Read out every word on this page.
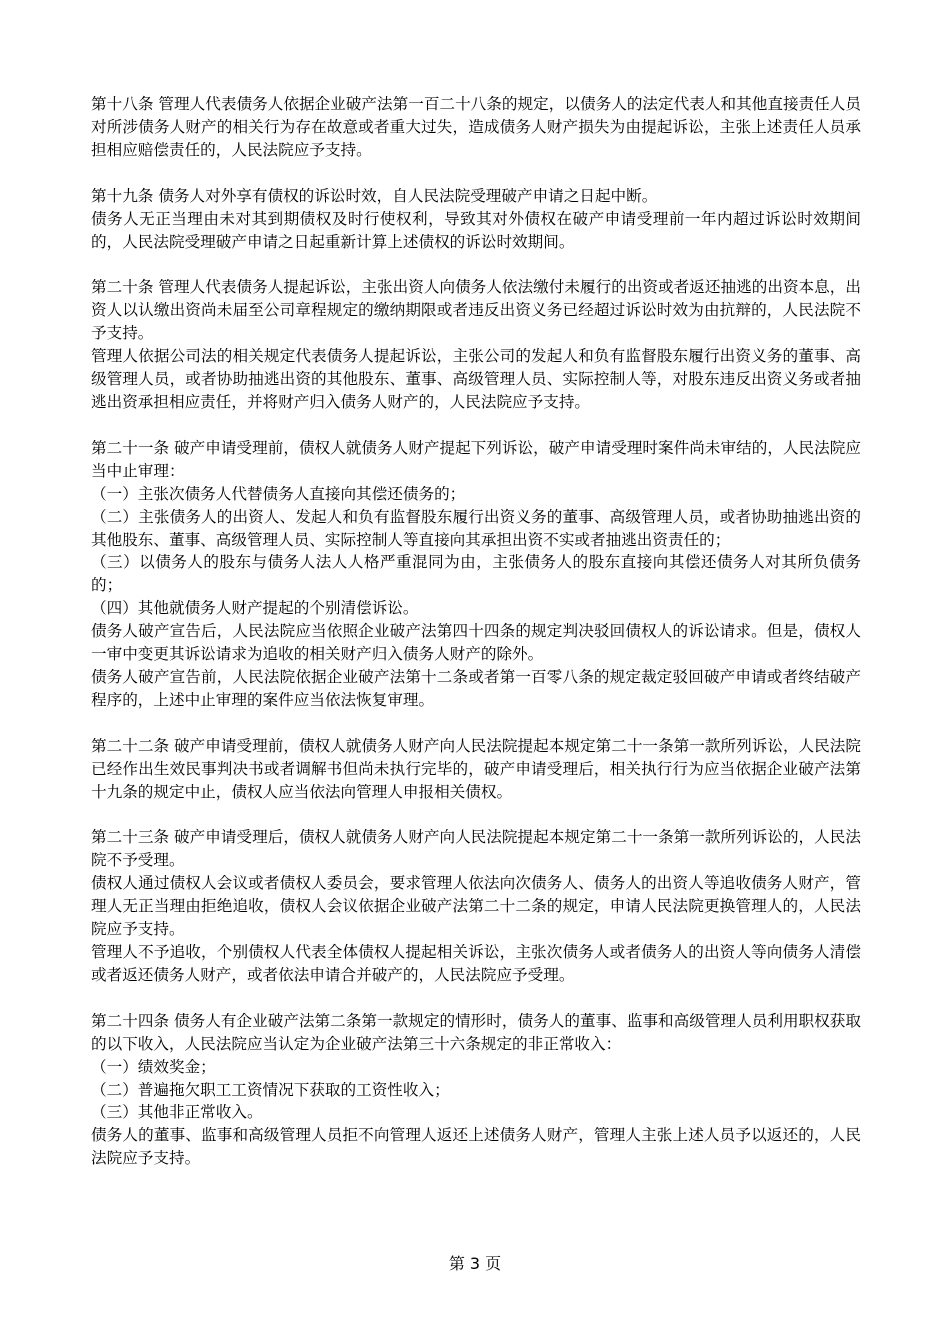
第十八条 管理人代表债务人依据企业破产法第一百二十八条的规定，以债务人的法定代表人和其他直接责任人员对所涉债务人财产的相关行为存在故意或者重大过失，造成债务人财产损失为由提起诉讼，主张上述责任人员承担相应赔偿责任的，人民法院应予支持。

第十九条 债务人对外享有债权的诉讼时效，自人民法院受理破产申请之日起中断。

债务人无正当理由未对其到期债权及时行使权利，导致其对外债权在破产申请受理前一年内超过诉讼时效期间的，人民法院受理破产申请之日起重新计算上述债权的诉讼时效期间。

第二十条 管理人代表债务人提起诉讼，主张出资人向债务人依法缴付未履行的出资或者返还抽逃的出资本息，出资人以认缴出资尚未届至公司章程规定的缴纳期限或者违反出资义务已经超过诉讼时效为由抗辩的，人民法院不予支持。

管理人依据公司法的相关规定代表债务人提起诉讼，主张公司的发起人和负有监督股东履行出资义务的董事、高级管理人员，或者协助抽逃出资的其他股东、董事、高级管理人员、实际控制人等，对股东违反出资义务或者抽逃出资承担相应责任，并将财产归入债务人财产的，人民法院应予支持。

第二十一条 破产申请受理前，债权人就债务人财产提起下列诉讼，破产申请受理时案件尚未审结的，人民法院应当中止审理：

（一）主张次债务人代替债务人直接向其偿还债务的；

（二）主张债务人的出资人、发起人和负有监督股东履行出资义务的董事、高级管理人员，或者协助抽逃出资的其他股东、董事、高级管理人员、实际控制人等直接向其承担出资不实或者抽逃出资责任的；

（三）以债务人的股东与债务人法人人格严重混同为由，主张债务人的股东直接向其偿还债务人对其所负债务的；

（四）其他就债务人财产提起的个别清偿诉讼。

债务人破产宣告后，人民法院应当依照企业破产法第四十四条的规定判决驳回债权人的诉讼请求。但是，债权人一审中变更其诉讼请求为追收的相关财产归入债务人财产的除外。

债务人破产宣告前，人民法院依据企业破产法第十二条或者第一百零八条的规定裁定驳回破产申请或者终结破产程序的，上述中止审理的案件应当依法恢复审理。

第二十二条 破产申请受理前，债权人就债务人财产向人民法院提起本规定第二十一条第一款所列诉讼，人民法院已经作出生效民事判决书或者调解书但尚未执行完毕的，破产申请受理后，相关执行行为应当依据企业破产法第十九条的规定中止，债权人应当依法向管理人申报相关债权。

第二十三条 破产申请受理后，债权人就债务人财产向人民法院提起本规定第二十一条第一款所列诉讼的，人民法院不予受理。

债权人通过债权人会议或者债权人委员会，要求管理人依法向次债务人、债务人的出资人等追收债务人财产，管理人无正当理由拒绝追收，债权人会议依据企业破产法第二十二条的规定，申请人民法院更换管理人的，人民法院应予支持。

管理人不予追收，个别债权人代表全体债权人提起相关诉讼，主张次债务人或者债务人的出资人等向债务人清偿或者返还债务人财产，或者依法申请合并破产的，人民法院应予受理。

第二十四条 债务人有企业破产法第二条第一款规定的情形时，债务人的董事、监事和高级管理人员利用职权获取的以下收入，人民法院应当认定为企业破产法第三十六条规定的非正常收入：

（一）绩效奖金；

（二）普遍拖欠职工工资情况下获取的工资性收入；

（三）其他非正常收入。

债务人的董事、监事和高级管理人员拒不向管理人返还上述债务人财产，管理人主张上述人员予以返还的，人民法院应予支持。

第 3 页
